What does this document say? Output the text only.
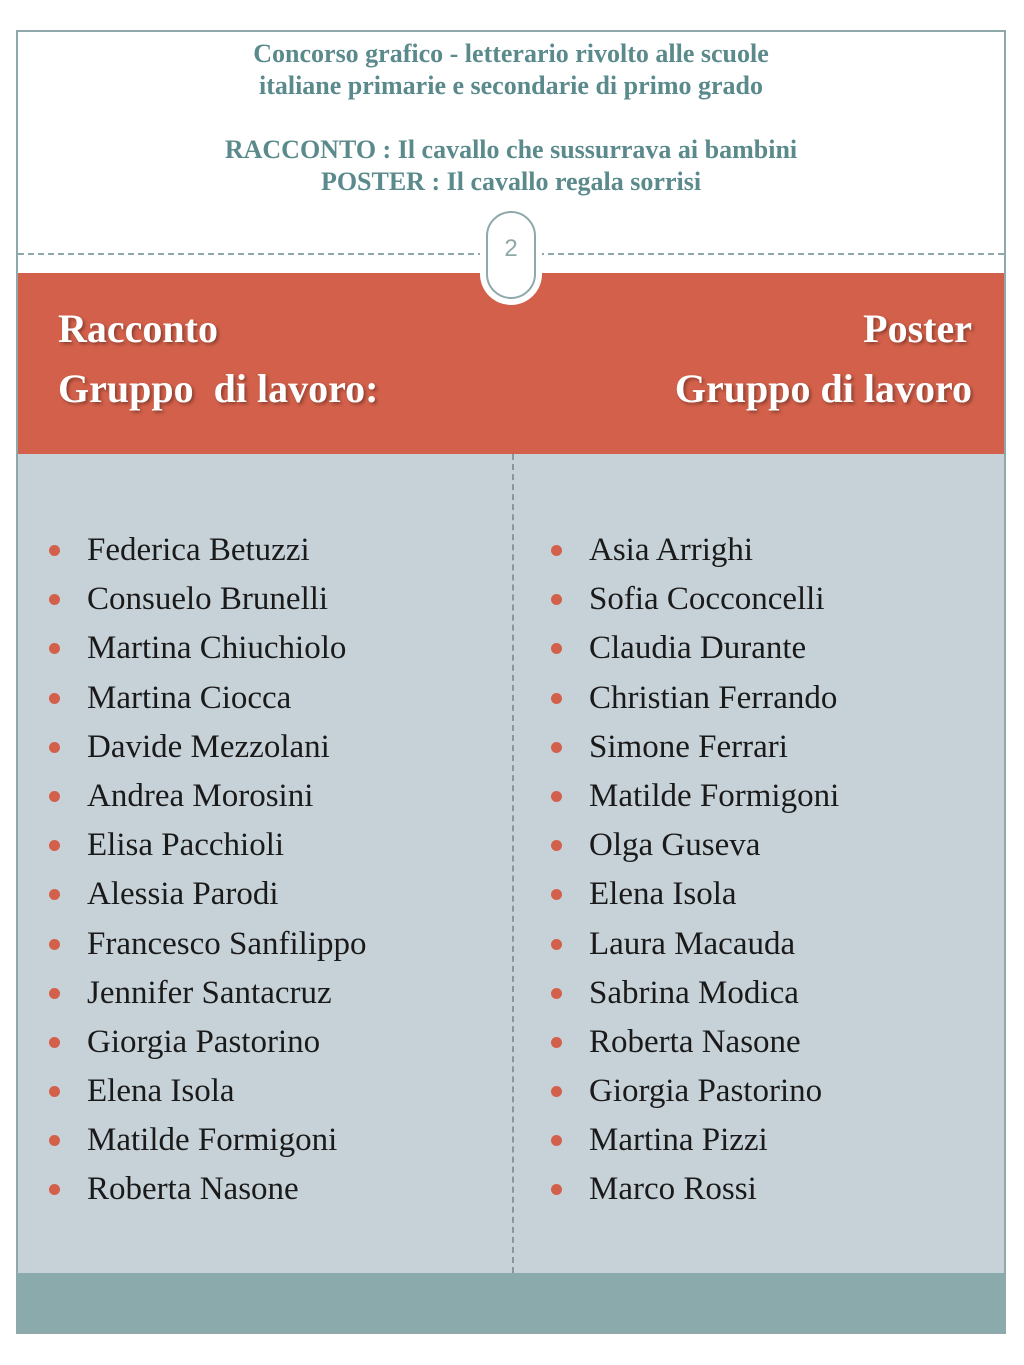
Concorso grafico - letterario rivolto alle scuole
italiane primarie e secondarie di primo grado
RACCONTO : Il cavallo che sussurrava ai bambini
POSTER : Il cavallo regala sorrisi
Racconto
Gruppo  di lavoro:
Poster
Gruppo di lavoro
2
Federica Betuzzi
Consuelo Brunelli
Martina Chiuchiolo
Martina Ciocca
Davide Mezzolani
Andrea Morosini
Elisa Pacchioli
Alessia Parodi
Francesco Sanfilippo
Jennifer Santacruz
Giorgia Pastorino
Elena Isola
Matilde Formigoni
Roberta Nasone
Asia Arrighi
Sofia Cocconcelli
Claudia Durante
Christian Ferrando
Simone Ferrari
Matilde Formigoni
Olga Guseva
Elena Isola
Laura Macauda
Sabrina Modica
Roberta Nasone
Giorgia Pastorino
Martina Pizzi
Marco Rossi
